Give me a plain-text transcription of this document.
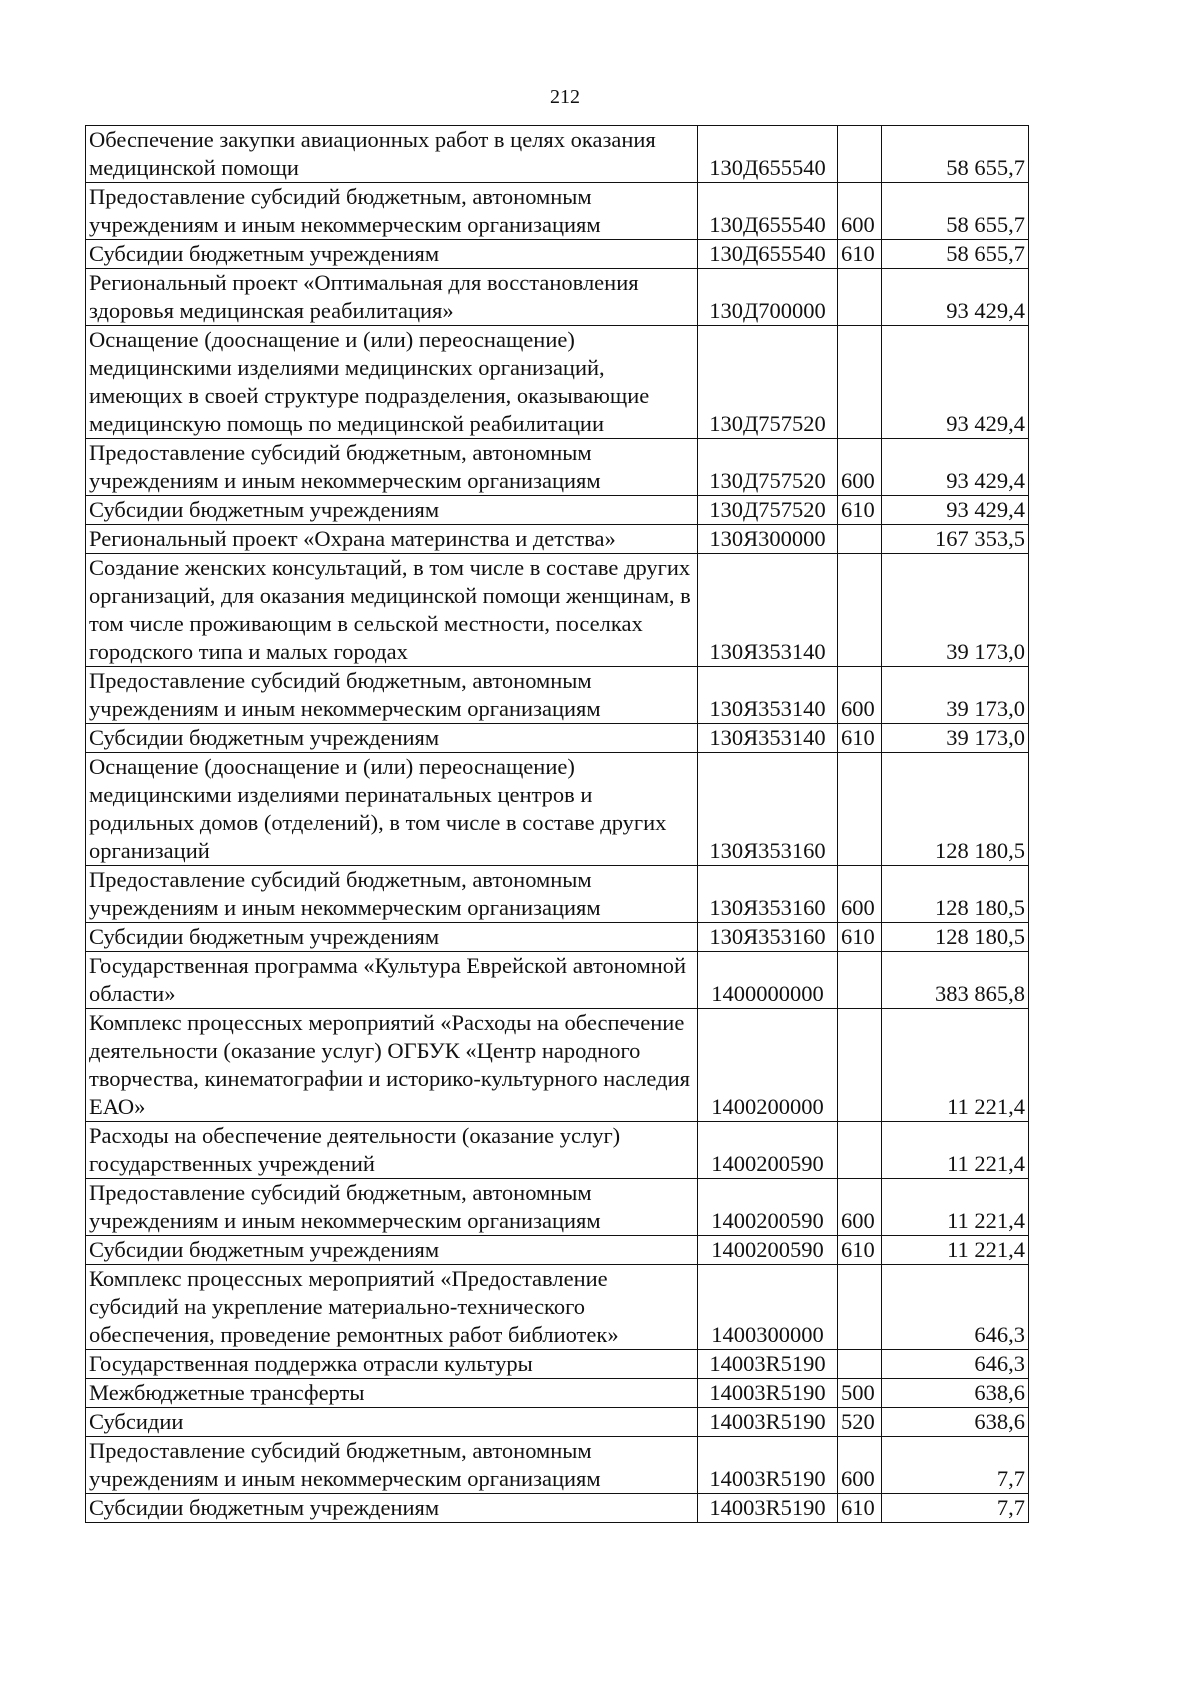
212
Обеспечение закупки авиационных работ в целях оказания медицинской помощи	130Д655540		58 655,7
Предоставление субсидий бюджетным, автономным учреждениям и иным некоммерческим организациям	130Д655540	600	58 655,7
Субсидии бюджетным учреждениям	130Д655540	610	58 655,7
Региональный проект «Оптимальная для восстановления здоровья медицинская реабилитация»	130Д700000		93 429,4
Оснащение (дооснащение и (или) переоснащение) медицинскими изделиями медицинских организаций, имеющих в своей структуре подразделения, оказывающие медицинскую помощь по медицинской реабилитации	130Д757520		93 429,4
Предоставление субсидий бюджетным, автономным учреждениям и иным некоммерческим организациям	130Д757520	600	93 429,4
Субсидии бюджетным учреждениям	130Д757520	610	93 429,4
Региональный проект «Охрана материнства и детства»	130Я300000		167 353,5
Создание женских консультаций, в том числе в составе других организаций, для оказания медицинской помощи женщинам, в том числе проживающим в сельской местности, поселках городского типа и малых городах	130Я353140		39 173,0
Предоставление субсидий бюджетным, автономным учреждениям и иным некоммерческим организациям	130Я353140	600	39 173,0
Субсидии бюджетным учреждениям	130Я353140	610	39 173,0
Оснащение (дооснащение и (или) переоснащение) медицинскими изделиями перинатальных центров и родильных домов (отделений), в том числе в составе других организаций	130Я353160		128 180,5
Предоставление субсидий бюджетным, автономным учреждениям и иным некоммерческим организациям	130Я353160	600	128 180,5
Субсидии бюджетным учреждениям	130Я353160	610	128 180,5
Государственная программа «Культура Еврейской автономной области»	1400000000		383 865,8
Комплекс процессных мероприятий «Расходы на обеспечение деятельности (оказание услуг) ОГБУК «Центр народного творчества, кинематографии и историко-культурного наследия ЕАО»	1400200000		11 221,4
Расходы на обеспечение деятельности (оказание услуг) государственных учреждений	1400200590		11 221,4
Предоставление субсидий бюджетным, автономным учреждениям и иным некоммерческим организациям	1400200590	600	11 221,4
Субсидии бюджетным учреждениям	1400200590	610	11 221,4
Комплекс процессных мероприятий «Предоставление субсидий на укрепление материально-технического обеспечения, проведение ремонтных работ библиотек»	1400300000		646,3
Государственная поддержка отрасли культуры	14003R5190		646,3
Межбюджетные трансферты	14003R5190	500	638,6
Субсидии	14003R5190	520	638,6
Предоставление субсидий бюджетным, автономным учреждениям и иным некоммерческим организациям	14003R5190	600	7,7
Субсидии бюджетным учреждениям	14003R5190	610	7,7
